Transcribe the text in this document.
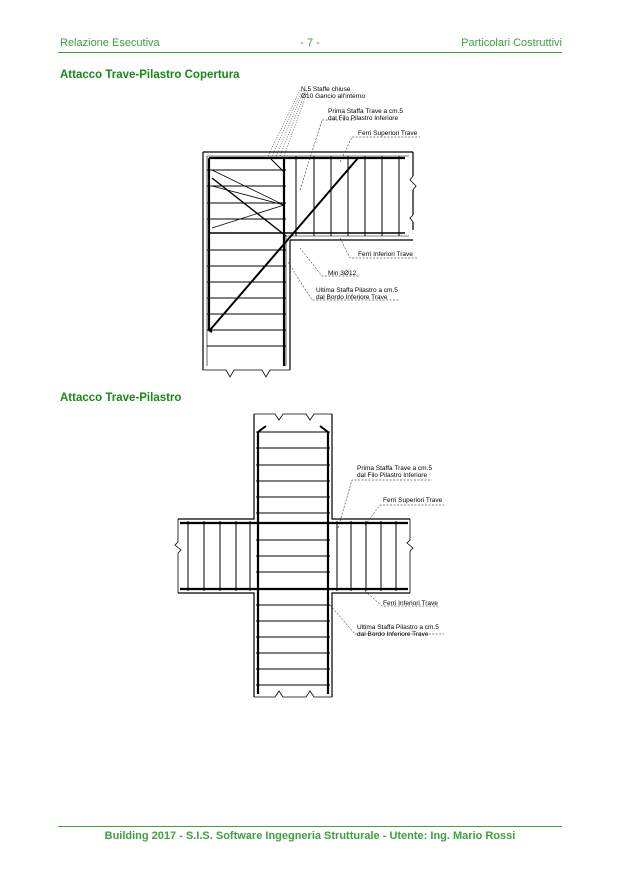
Relazione Esecutiva	- 7 -	Particolari Costruttivi
Attacco Trave-Pilastro Copertura
Attacco Trave-Pilastro
N.5 Staffe chiuse
Ø10 Gancio all'interno
Prima Staffa Trave a cm.5
dal Filo Pilastro Inferiore
Ferri Superiori Trave
Ferri Inferiori Trave
Min 3Ø12
Ultima Staffa Pilastro a cm.5
dal Bordo Inferiore Trave
Prima Staffa Trave a cm.5
dal Filo Pilastro Inferiore
Ferri Superiori Trave
Ferri Inferiori Trave
Ultima Staffa Pilastro a cm.5
dal Bordo Inferiore Trave
Building 2017 - S.I.S. Software Ingegneria Strutturale - Utente: Ing. Mario Rossi
